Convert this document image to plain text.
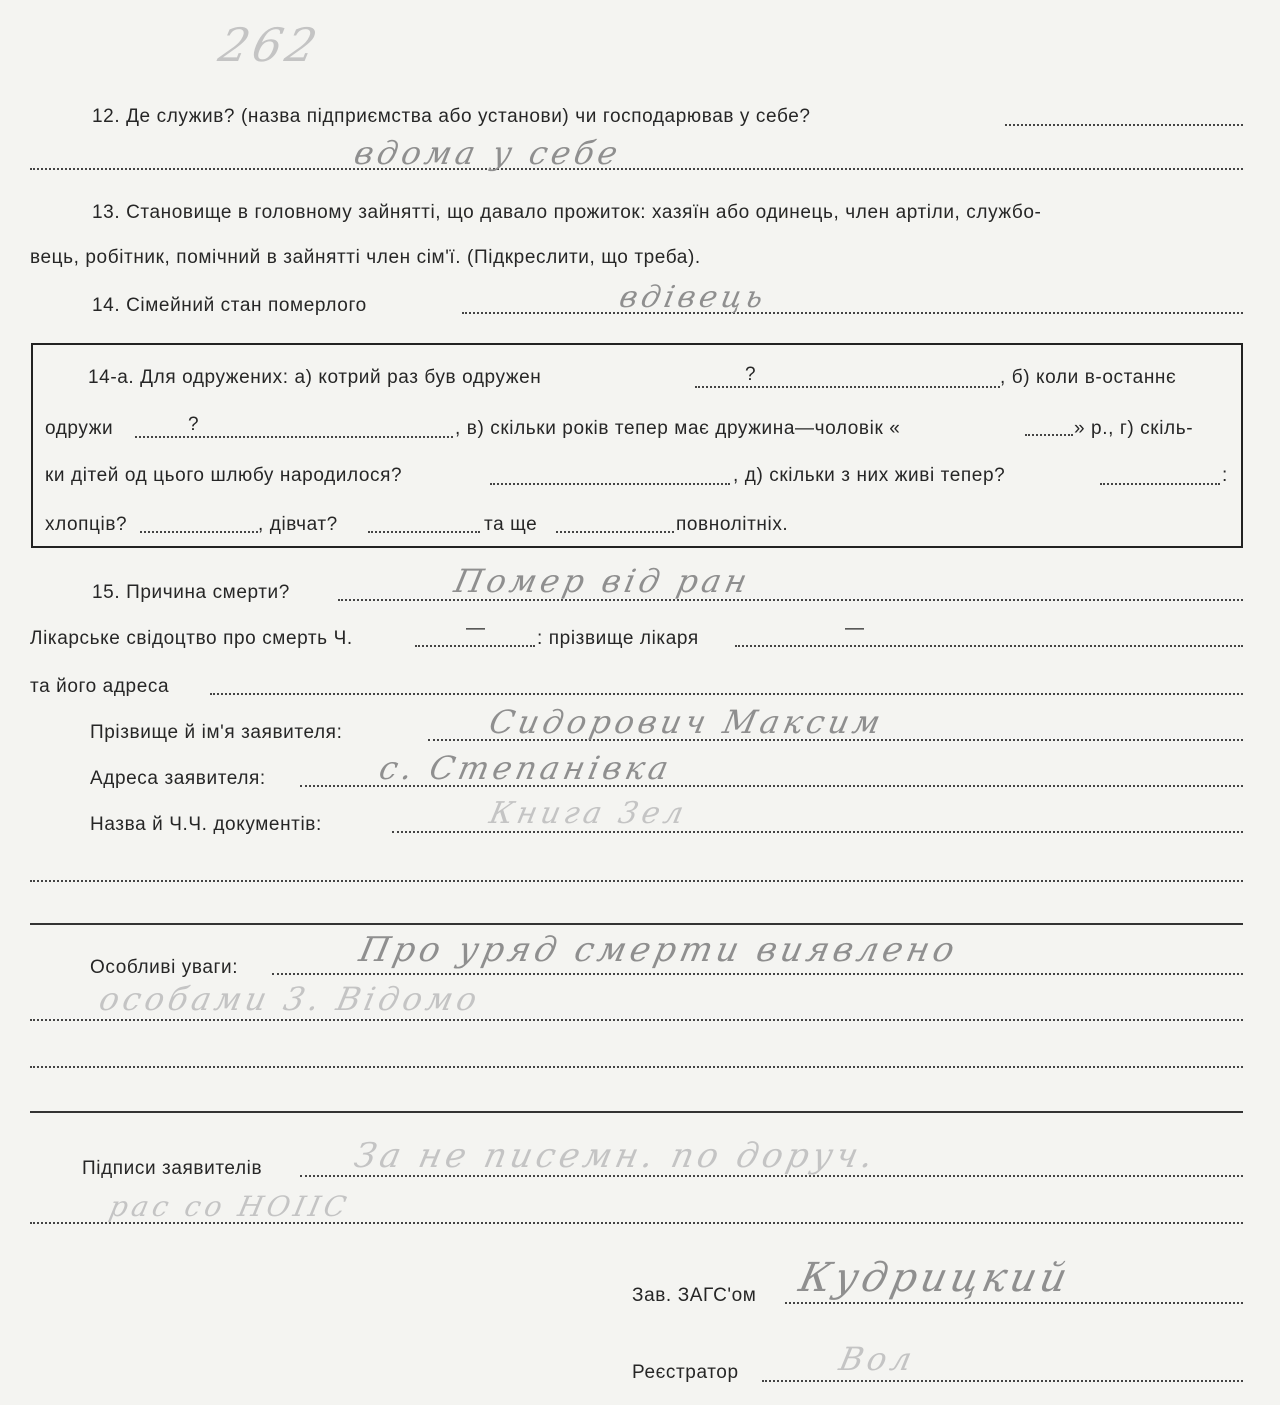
262
12. Де служив? (назва підприємства або установи) чи господарював у себе?
вдома у себе
13. Становище в головному зайнятті, що давало прожиток: хазяїн або одинець, член артіли, службо-
вець, робітник, помічний в зайнятті член сім'ї. (Підкреслити, що треба).
14. Сімейний стан померлого	вдівець
14-а. Для одружених: а) котрий раз був одружен	?	, б) коли в-останнє
одружи	?	, в) скільки років тепер має дружина—чоловік «	» р., г) скіль-
ки дітей од цього шлюбу народилося?	, д) скільки з них живі тепер?	:
хлопців?	, дівчат?	та ще	повнолітніх.
15. Причина смерти?	Помер від ран
Лікарське свідоцтво про смерть Ч.	—	: прізвище лікаря	—
та його адреса
Прізвище й ім'я заявителя:	Сидорович Максим
Адреса заявителя:	с. Степанівка
Назва й Ч.Ч. документів:	Книга 3ел
Особливі уваги:	Про уряд смерти виявлено
особами 3. Відомо
Підписи заявителів	За не писемн. по доруч.
рас со HOIIC
Зав. ЗАГС'ом Кудрицкий
Реєстратор	Вол
